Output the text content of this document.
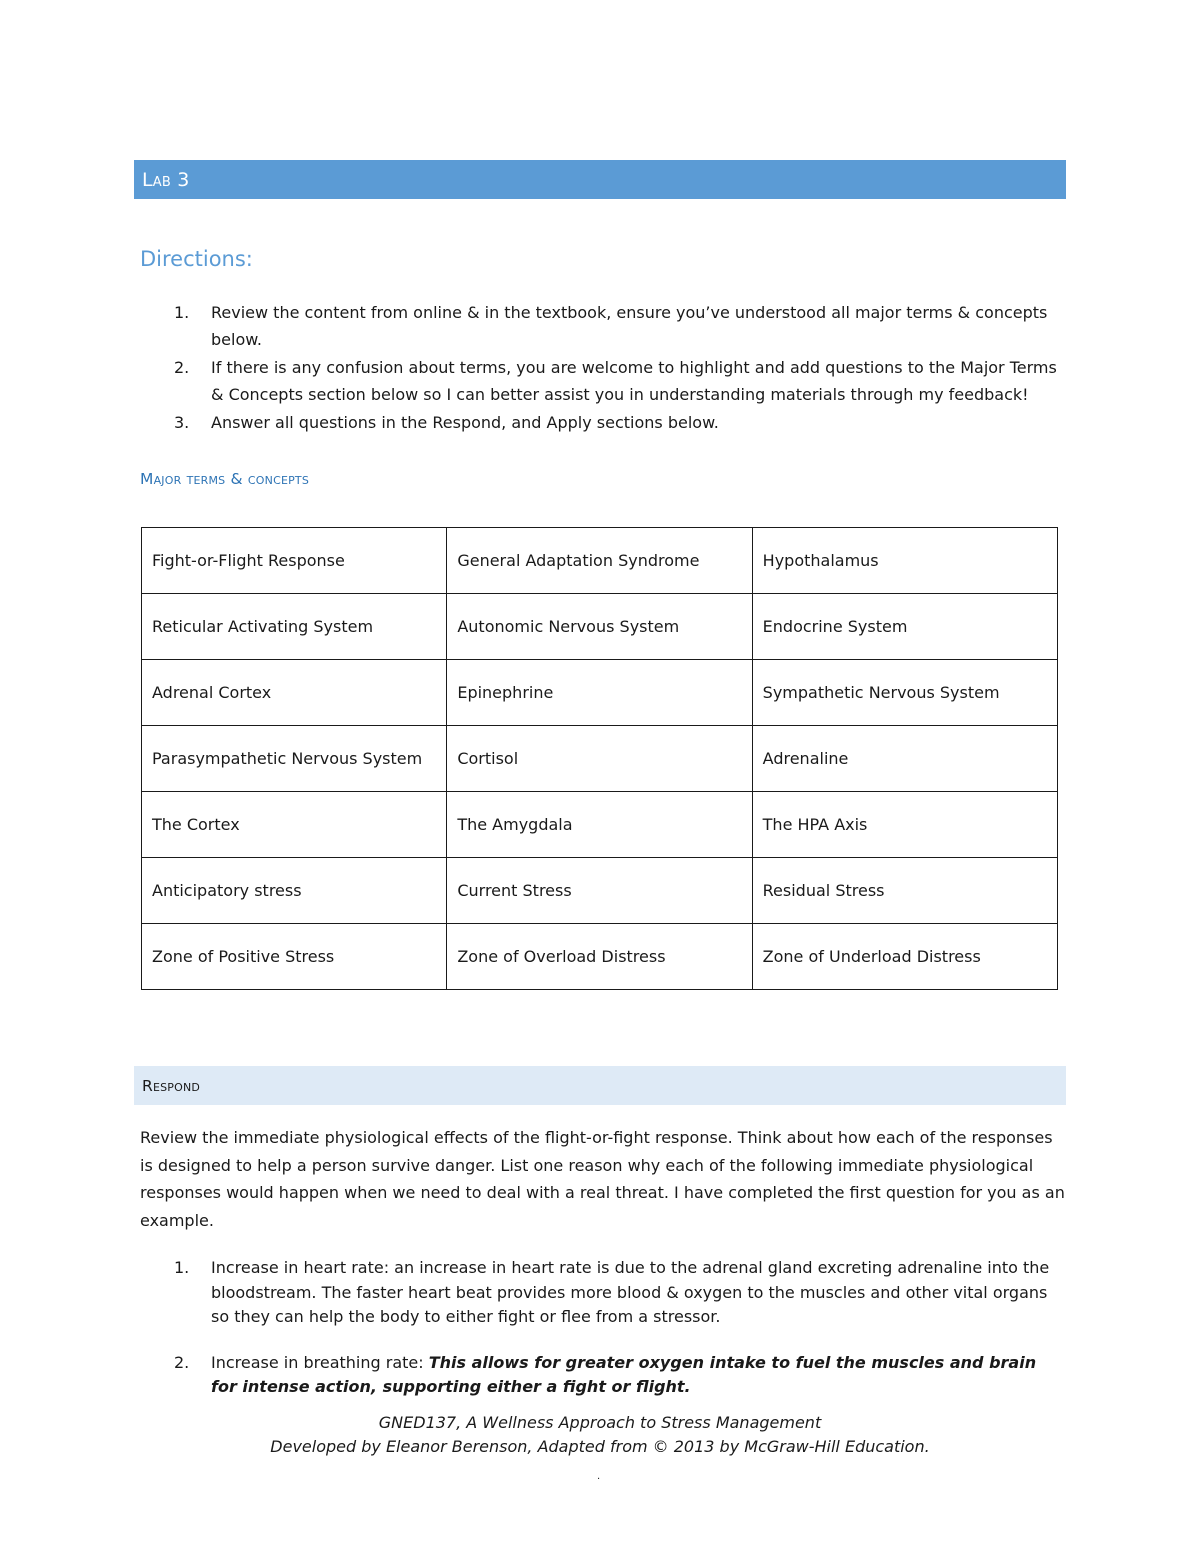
Lab 3
Directions:
1. Review the content from online & in the textbook, ensure you’ve understood all major terms & concepts below.
2. If there is any confusion about terms, you are welcome to highlight and add questions to the Major Terms & Concepts section below so I can better assist you in understanding materials through my feedback!
3. Answer all questions in the Respond, and Apply sections below.
Major terms & concepts
Fight-or-Flight Response	General Adaptation Syndrome	Hypothalamus
Reticular Activating System	Autonomic Nervous System	Endocrine System
Adrenal Cortex	Epinephrine	Sympathetic Nervous System
Parasympathetic Nervous System	Cortisol	Adrenaline
The Cortex	The Amygdala	The HPA Axis
Anticipatory stress	Current Stress	Residual Stress
Zone of Positive Stress	Zone of Overload Distress	Zone of Underload Distress
Respond

Review the immediate physiological effects of the flight-or-fight response. Think about how each of the responses is designed to help a person survive danger. List one reason why each of the following immediate physiological responses would happen when we need to deal with a real threat. I have completed the first question for you as an example.

1. Increase in heart rate: an increase in heart rate is due to the adrenal gland excreting adrenaline into the bloodstream. The faster heart beat provides more blood & oxygen to the muscles and other vital organs so they can help the body to either fight or flee from a stressor.
2. Increase in breathing rate: This allows for greater oxygen intake to fuel the muscles and brain for intense action, supporting either a fight or flight.
GNED137, A Wellness Approach to Stress Management
Developed by Eleanor Berenson, Adapted from © 2013 by McGraw-Hill Education.
.
